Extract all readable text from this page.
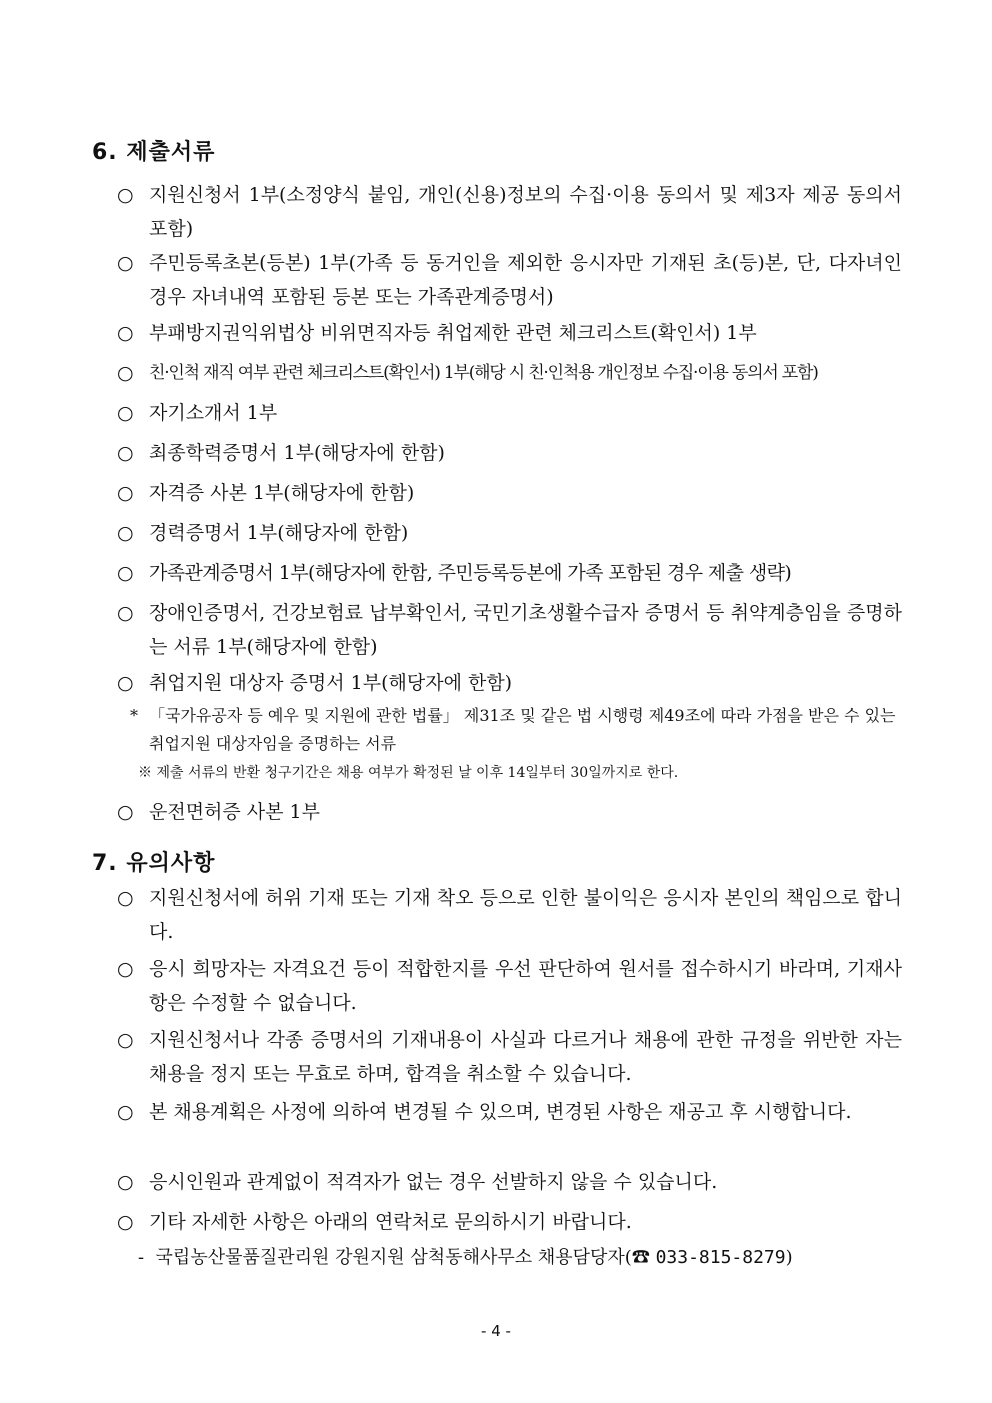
6. 제출서류
○ 지원신청서 1부(소정양식 붙임, 개인(신용)정보의 수집·이용 동의서 및 제3자 제공 동의서 포함)
○ 주민등록초본(등본) 1부(가족 등 동거인을 제외한 응시자만 기재된 초(등)본, 단, 다자녀인 경우 자녀내역 포함된 등본 또는 가족관계증명서)
○ 부패방지권익위법상 비위면직자등 취업제한 관련 체크리스트(확인서) 1부
○ 친·인척 재직 여부 관련 체크리스트(확인서) 1부(해당 시 친·인척용 개인정보 수집·이용 동의서 포함)
○ 자기소개서 1부
○ 최종학력증명서 1부(해당자에 한함)
○ 자격증 사본 1부(해당자에 한함)
○ 경력증명서 1부(해당자에 한함)
○ 가족관계증명서 1부(해당자에 한함, 주민등록등본에 가족 포함된 경우 제출 생략)
○ 장애인증명서, 건강보험료 납부확인서, 국민기초생활수급자 증명서 등 취약계층임을 증명하는 서류 1부(해당자에 한함)
○ 취업지원 대상자 증명서 1부(해당자에 한함)
* 「국가유공자 등 예우 및 지원에 관한 법률」 제31조 및 같은 법 시행령 제49조에 따라 가점을 받은 수 있는 취업지원 대상자임을 증명하는 서류
※ 제출 서류의 반환 청구기간은 채용 여부가 확정된 날 이후 14일부터 30일까지로 한다.
○ 운전면허증 사본 1부
7. 유의사항
○ 지원신청서에 허위 기재 또는 기재 착오 등으로 인한 불이익은 응시자 본인의 책임으로 합니다.
○ 응시 희망자는 자격요건 등이 적합한지를 우선 판단하여 원서를 접수하시기 바라며, 기재사항은 수정할 수 없습니다.
○ 지원신청서나 각종 증명서의 기재내용이 사실과 다르거나 채용에 관한 규정을 위반한 자는 채용을 정지 또는 무효로 하며, 합격을 취소할 수 있습니다.
○ 본 채용계획은 사정에 의하여 변경될 수 있으며, 변경된 사항은 재공고 후 시행합니다.
○ 응시인원과 관계없이 적격자가 없는 경우 선발하지 않을 수 있습니다.
○ 기타 자세한 사항은 아래의 연락처로 문의하시기 바랍니다.
- 국립농산물품질관리원 강원지원 삼척동해사무소 채용담당자(☎ 033-815-8279)
- 4 -
